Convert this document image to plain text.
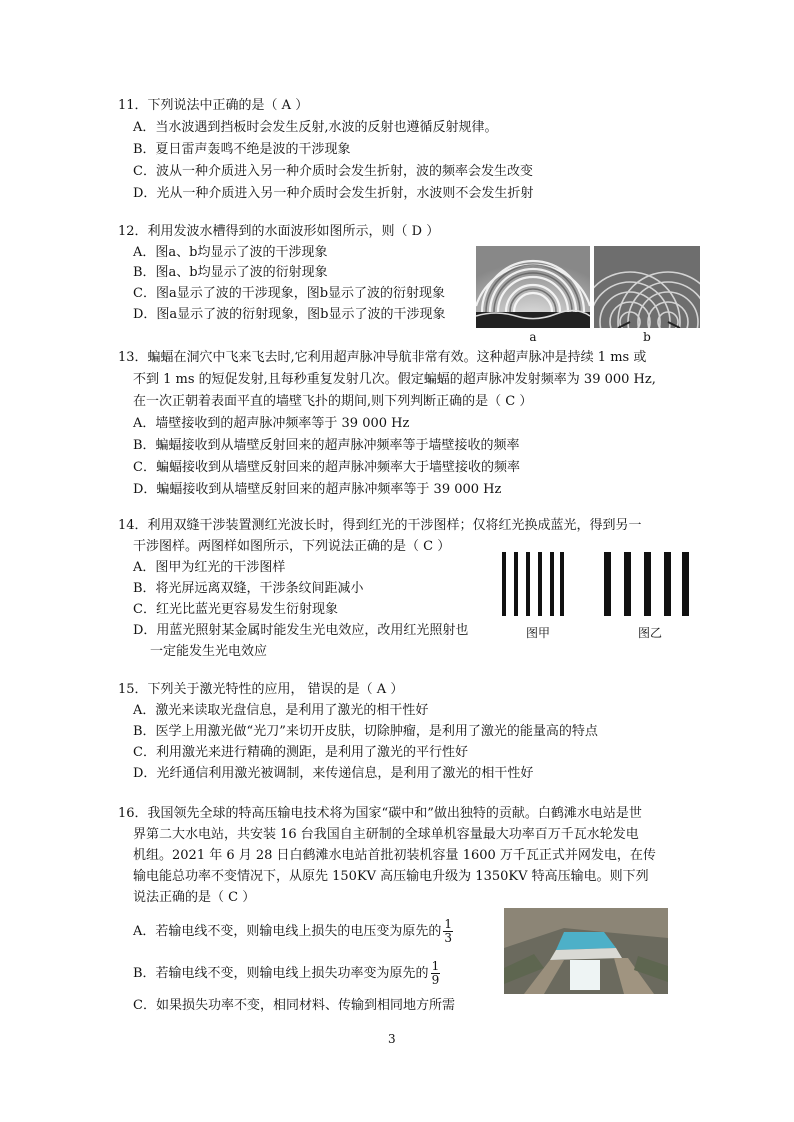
11．下列说法中正确的是（ A ）
A．当水波遇到挡板时会发生反射,水波的反射也遵循反射规律。
B．夏日雷声轰鸣不绝是波的干涉现象
C．波从一种介质进入另一种介质时会发生折射，波的频率会发生改变
D．光从一种介质进入另一种介质时会发生折射，水波则不会发生折射
12．利用发波水槽得到的水面波形如图所示，则（ D ）
A．图a、b均显示了波的干涉现象
B．图a、b均显示了波的衍射现象
C．图a显示了波的干涉现象，图b显示了波的衍射现象
D．图a显示了波的衍射现象，图b显示了波的干涉现象
a	b
13．蝙蝠在洞穴中飞来飞去时,它利用超声脉冲导航非常有效。这种超声脉冲是持续 1 ms 或
不到 1 ms 的短促发射,且每秒重复发射几次。假定蝙蝠的超声脉冲发射频率为 39 000 Hz,
在一次正朝着表面平直的墙壁飞扑的期间,则下列判断正确的是（ C ）
A．墙壁接收到的超声脉冲频率等于 39 000 Hz
B．蝙蝠接收到从墙壁反射回来的超声脉冲频率等于墙壁接收的频率
C．蝙蝠接收到从墙壁反射回来的超声脉冲频率大于墙壁接收的频率
D．蝙蝠接收到从墙壁反射回来的超声脉冲频率等于 39 000 Hz
14．利用双缝干涉装置测红光波长时，得到红光的干涉图样；仅将红光换成蓝光，得到另一
干涉图样。两图样如图所示，下列说法正确的是（ C ）
A．图甲为红光的干涉图样
B．将光屏远离双缝，干涉条纹间距减小
C．红光比蓝光更容易发生衍射现象
D．用蓝光照射某金属时能发生光电效应，改用红光照射也
一定能发生光电效应
图甲	图乙
15．下列关于激光特性的应用， 错误的是（ A ）
A．激光来读取光盘信息，是利用了激光的相干性好
B．医学上用激光做“光刀”来切开皮肤，切除肿瘤，是利用了激光的能量高的特点
C．利用激光来进行精确的测距，是利用了激光的平行性好
D．光纤通信利用激光被调制，来传递信息，是利用了激光的相干性好
16．我国领先全球的特高压输电技术将为国家“碳中和”做出独特的贡献。白鹤滩水电站是世
界第二大水电站，共安装 16 台我国自主研制的全球单机容量最大功率百万千瓦水轮发电
机组。2021 年 6 月 28 日白鹤滩水电站首批初装机容量 1600 万千瓦正式并网发电，在传
输电能总功率不变情况下，从原先 150KV 高压输电升级为 1350KV 特高压输电。则下列
说法正确的是（ C ）
A．若输电线不变，则输电线上损失的电压变为原先的 $\frac{1}{3}$
B．若输电线不变，则输电线上损失功率变为原先的 $\frac{1}{9}$
C．如果损失功率不变，相同材料、传输到相同地方所需
3
